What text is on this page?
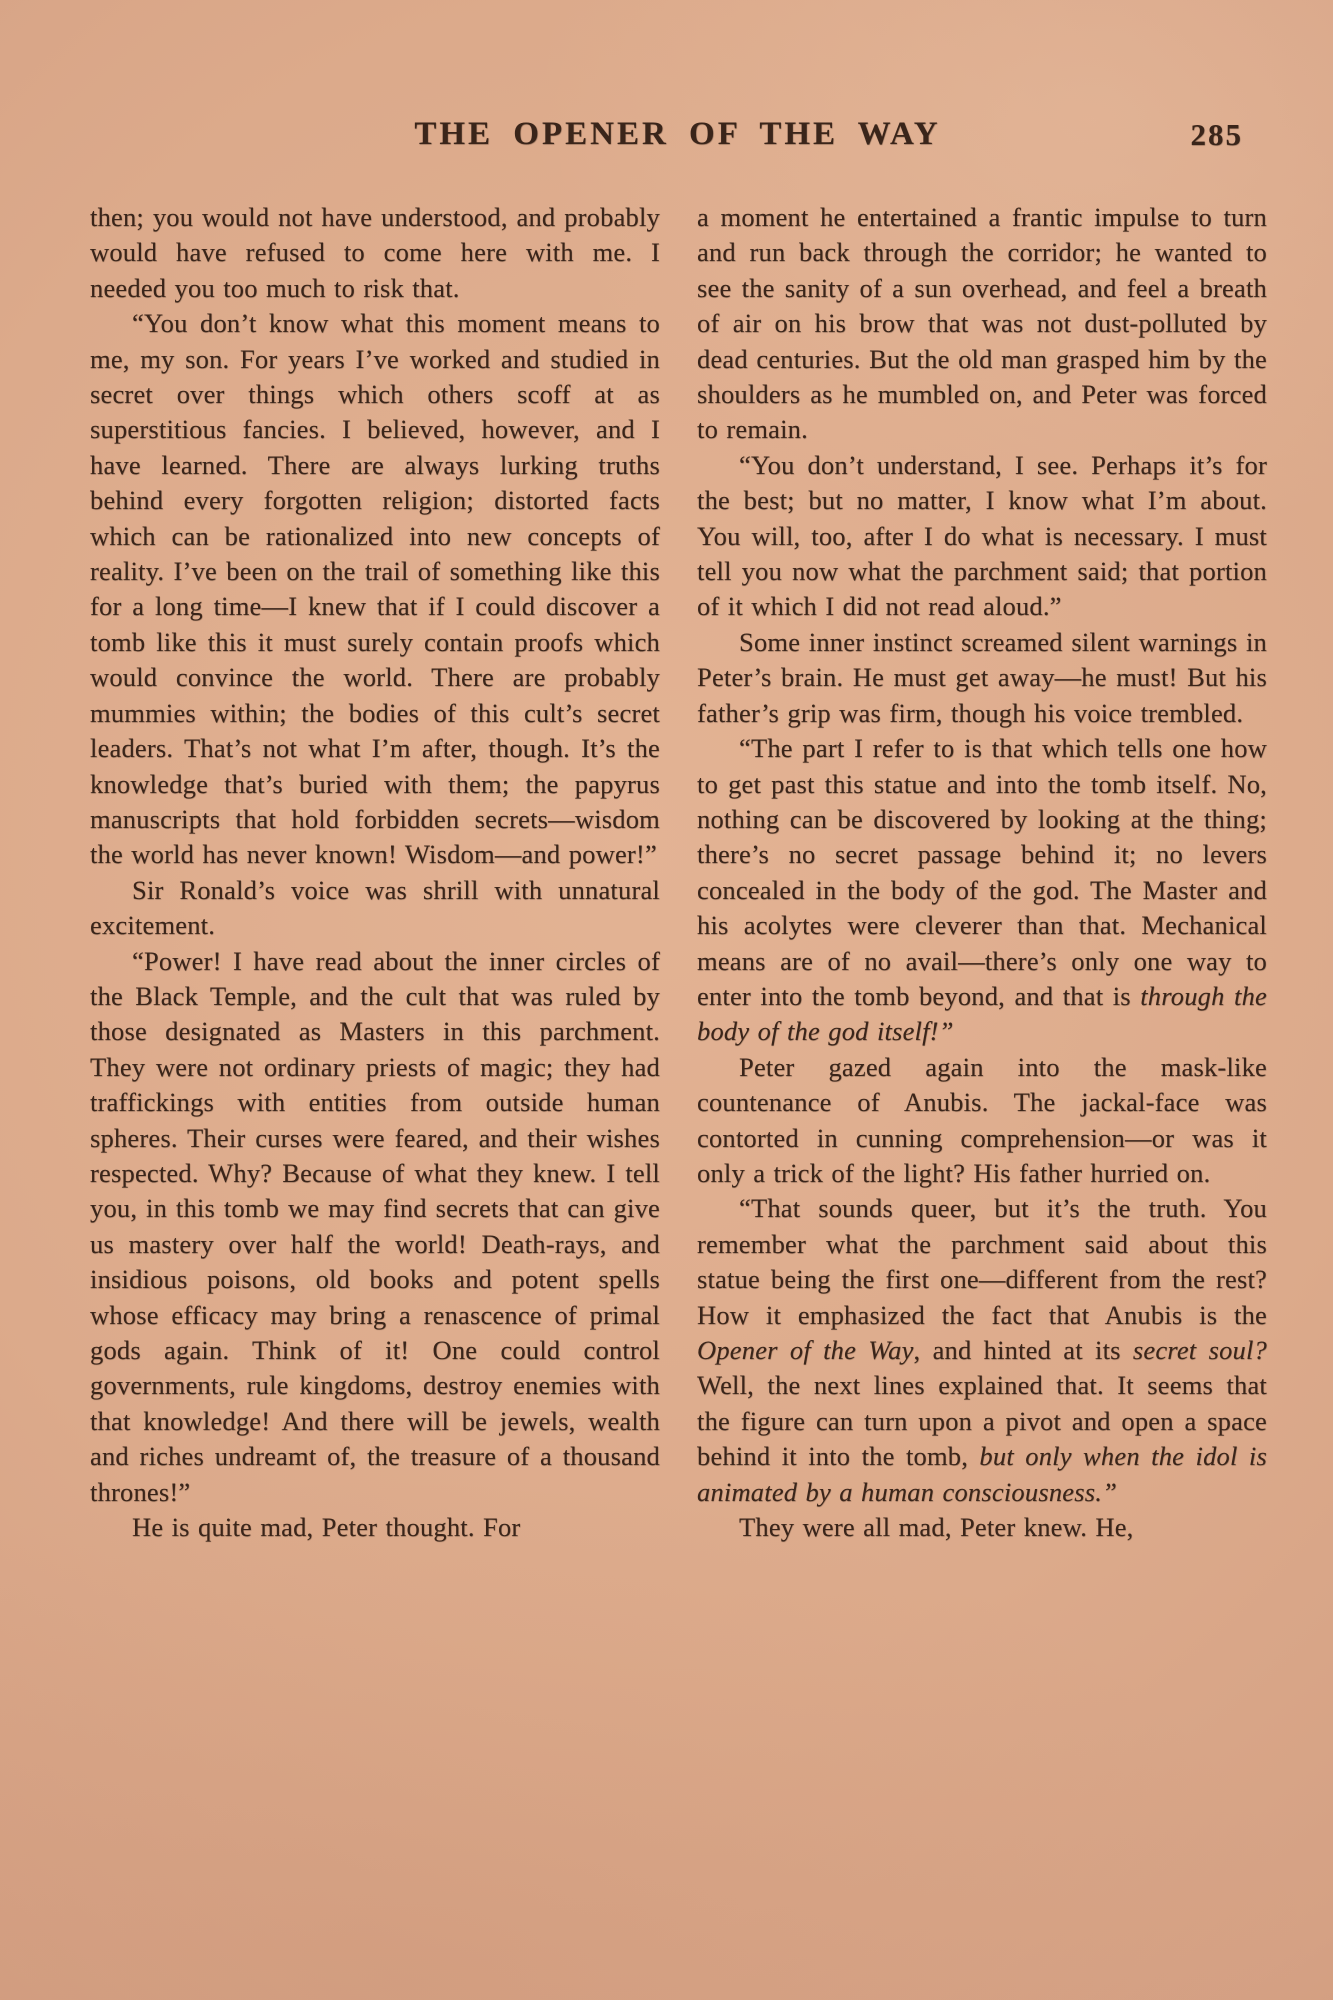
THE OPENER OF THE WAY	285

then; you would not have understood, and probably would have refused to come here with me. I needed you too much to risk that.

“You don’t know what this moment means to me, my son. For years I’ve worked and studied in secret over things which others scoff at as superstitious fancies. I believed, however, and I have learned. There are always lurking truths behind every forgotten religion; distorted facts which can be rationalized into new concepts of reality. I’ve been on the trail of something like this for a long time—I knew that if I could discover a tomb like this it must surely contain proofs which would convince the world. There are probably mummies within; the bodies of this cult’s secret leaders. That’s not what I’m after, though. It’s the knowledge that’s buried with them; the papyrus manuscripts that hold forbidden secrets—wisdom the world has never known! Wisdom—and power!”

Sir Ronald’s voice was shrill with unnatural excitement.

“Power! I have read about the inner circles of the Black Temple, and the cult that was ruled by those designated as Masters in this parchment. They were not ordinary priests of magic; they had traffickings with entities from outside human spheres. Their curses were feared, and their wishes respected. Why? Because of what they knew. I tell you, in this tomb we may find secrets that can give us mastery over half the world! Death-rays, and insidious poisons, old books and potent spells whose efficacy may bring a renascence of primal gods again. Think of it! One could control governments, rule kingdoms, destroy enemies with that knowledge! And there will be jewels, wealth and riches undreamt of, the treasure of a thousand thrones!”

He is quite mad, Peter thought. For

a moment he entertained a frantic impulse to turn and run back through the corridor; he wanted to see the sanity of a sun overhead, and feel a breath of air on his brow that was not dust-polluted by dead centuries. But the old man grasped him by the shoulders as he mumbled on, and Peter was forced to remain.

“You don’t understand, I see. Perhaps it’s for the best; but no matter, I know what I’m about. You will, too, after I do what is necessary. I must tell you now what the parchment said; that portion of it which I did not read aloud.”

Some inner instinct screamed silent warnings in Peter’s brain. He must get away—he must! But his father’s grip was firm, though his voice trembled.

“The part I refer to is that which tells one how to get past this statue and into the tomb itself. No, nothing can be discovered by looking at the thing; there’s no secret passage behind it; no levers concealed in the body of the god. The Master and his acolytes were cleverer than that. Mechanical means are of no avail—there’s only one way to enter into the tomb beyond, and that is through the body of the god itself!”

Peter gazed again into the mask-like countenance of Anubis. The jackal-face was contorted in cunning comprehension—or was it only a trick of the light? His father hurried on.

“That sounds queer, but it’s the truth. You remember what the parchment said about this statue being the first one—different from the rest? How it emphasized the fact that Anubis is the Opener of the Way, and hinted at its secret soul? Well, the next lines explained that. It seems that the figure can turn upon a pivot and open a space behind it into the tomb, but only when the idol is animated by a human consciousness.”

They were all mad, Peter knew. He,
